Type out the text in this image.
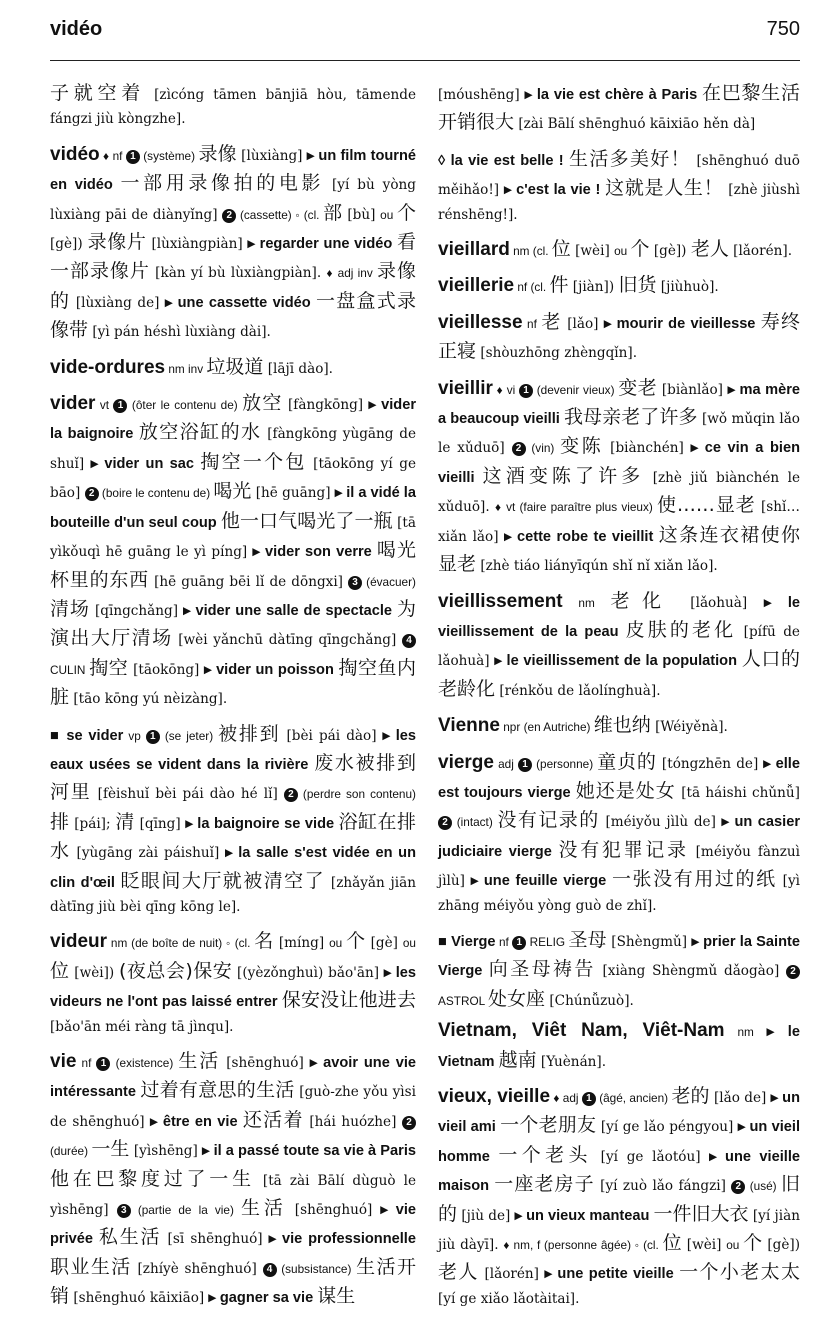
vidéo	750
子就空着 [zìcóng tāmen bānjiā hòu, tāmende fángzi jiù kòngzhe].
vidéo ♦ nf 1 (système) 录像 [lùxiàng] ▸ un film tourné en vidéo 一部用录像拍的电影 [yí bù yòng lùxiàng pāi de diànyǐng] 2 (cassette) ◦ (cl. 部 [bù] ou 个 [gè]) 录像片 [lùxiàngpiàn] ▸ regarder une vidéo 看一部录像片 [kàn yí bù lùxiàngpiàn]. ♦ adj inv 录像的 [lùxiàng de] ▸ une cassette vidéo 一盘盒式录像带 [yì pán héshì lùxiàng dài].
vide-ordures nm inv 垃圾道 [lājī dào].
vider vt 1 (ôter le contenu de) 放空 [fàngkōng] ▸ vider la baignoire 放空浴缸的水 [fàngkōng yùgāng de shuǐ] ▸ vider un sac 掏空一个包 [tāokōng yí ge bāo] 2 (boire le contenu de) 喝光 [hē guāng] ▸ il a vidé la bouteille d'un seul coup 他一口气喝光了一瓶 [tā yìkǒuqì hē guāng le yì píng] ▸ vider son verre 喝光杯里的东西 [hē guāng bēi lǐ de dōngxi] 3 (évacuer) 清场 [qīngchǎng] ▸ vider une salle de spectacle 为演出大厅清场 [wèi yǎnchū dàtīng qīngchǎng] 4 CULIN 掏空 [tāokōng] ▸ vider un poisson 掏空鱼内脏 [tāo kōng yú nèizàng].
■ se vider vp 1 (se jeter) 被排到 [bèi pái dào] ▸ les eaux usées se vident dans la rivière 废水被排到河里 [fèishuǐ bèi pái dào hé lǐ] 2 (perdre son contenu) 排 [pái]; 清 [qīng] ▸ la baignoire se vide 浴缸在排水 [yùgāng zài páishuǐ] ▸ la salle s'est vidée en un clin d'œil 眨眼间大厅就被清空了 [zhǎyǎn jiān dàtīng jiù bèi qīng kōng le].
videur nm (de boîte de nuit) ◦ (cl. 名 [míng] ou 个 [gè] ou 位 [wèi]) (夜总会)保安 [(yèzǒnghuì) bǎo'ān] ▸ les videurs ne l'ont pas laissé entrer 保安没让他进去 [bǎo'ān méi ràng tā jìnqu].
vie nf 1 (existence) 生活 [shēnghuó] ▸ avoir une vie intéressante 过着有意思的生活 [guò-zhe yǒu yìsi de shēnghuó] ▸ être en vie 还活着 [hái huózhe] 2 (durée) 一生 [yìshēng] ▸ il a passé toute sa vie à Paris 他在巴黎度过了一生 [tā zài Bālí dùguò le yìshēng] 3 (partie de la vie) 生活 [shēnghuó] ▸ vie privée 私生活 [sī shēnghuó] ▸ vie professionnelle 职业生活 [zhíyè shēnghuó] 4 (subsistance) 生活开销 [shēnghuó kāixiāo] ▸ gagner sa vie 谋生
[móushēng] ▸ la vie est chère à Paris 在巴黎生活开销很大 [zài Bālí shēnghuó kāixiāo hěn dà]
◊ la vie est belle ! 生活多美好！ [shēnghuó duō měihǎo!] ▸ c'est la vie ! 这就是人生！ [zhè jiùshì rénshēng!].
vieillard nm (cl. 位 [wèi] ou 个 [gè]) 老人 [lǎorén].
vieillerie nf (cl. 件 [jiàn]) 旧货 [jiùhuò].
vieillesse nf 老 [lǎo] ▸ mourir de vieillesse 寿终正寝 [shòuzhōng zhèngqǐn].
vieillir ♦ vi 1 (devenir vieux) 变老 [biànlǎo] ▸ ma mère a beaucoup vieilli 我母亲老了许多 [wǒ mǔqin lǎo le xǔduō] 2 (vin) 变陈 [biànchén] ▸ ce vin a bien vieilli 这酒变陈了许多 [zhè jiǔ biànchén le xǔduō]. ♦ vt (faire paraître plus vieux) 使……显老 [shǐ… xiǎn lǎo] ▸ cette robe te vieillit 这条连衣裙使你显老 [zhè tiáo liányīqún shǐ nǐ xiǎn lǎo].
vieillissement nm 老化 [lǎohuà] ▸ le vieillissement de la peau 皮肤的老化 [pífū de lǎohuà] ▸ le vieillissement de la population 人口的老龄化 [rénkǒu de lǎolínghuà].
Vienne npr (en Autriche) 维也纳 [Wéiyěnà].
vierge adj 1 (personne) 童贞的 [tóngzhēn de] ▸ elle est toujours vierge 她还是处女 [tā háishi chǔnǚ] 2 (intact) 没有记录的 [méiyǒu jìlù de] ▸ un casier judiciaire vierge 没有犯罪记录 [méiyǒu fànzuì jìlù] ▸ une feuille vierge 一张没有用过的纸 [yì zhāng méiyǒu yòng guò de zhǐ].
■ Vierge nf 1 RELIG 圣母 [Shèngmǔ] ▸ prier la Sainte Vierge 向圣母祷告 [xiàng Shèngmǔ dǎogào] 2 ASTROL 处女座 [Chúnǚzuò].
Vietnam, Viêt Nam, Viêt-Nam nm ▸ le Vietnam 越南 [Yuènán].
vieux, vieille ♦ adj 1 (âgé, ancien) 老的 [lǎo de] ▸ un vieil ami 一个老朋友 [yí ge lǎo péngyou] ▸ un vieil homme 一个老头 [yí ge lǎotóu] ▸ une vieille maison 一座老房子 [yí zuò lǎo fángzi] 2 (usé) 旧的 [jiù de] ▸ un vieux manteau 一件旧大衣 [yí jiàn jiù dàyī]. ♦ nm, f (personne âgée) ◦ (cl. 位 [wèi] ou 个 [gè]) 老人 [lǎorén] ▸ une petite vieille 一个小老太太 [yí ge xiǎo lǎotàitai].
